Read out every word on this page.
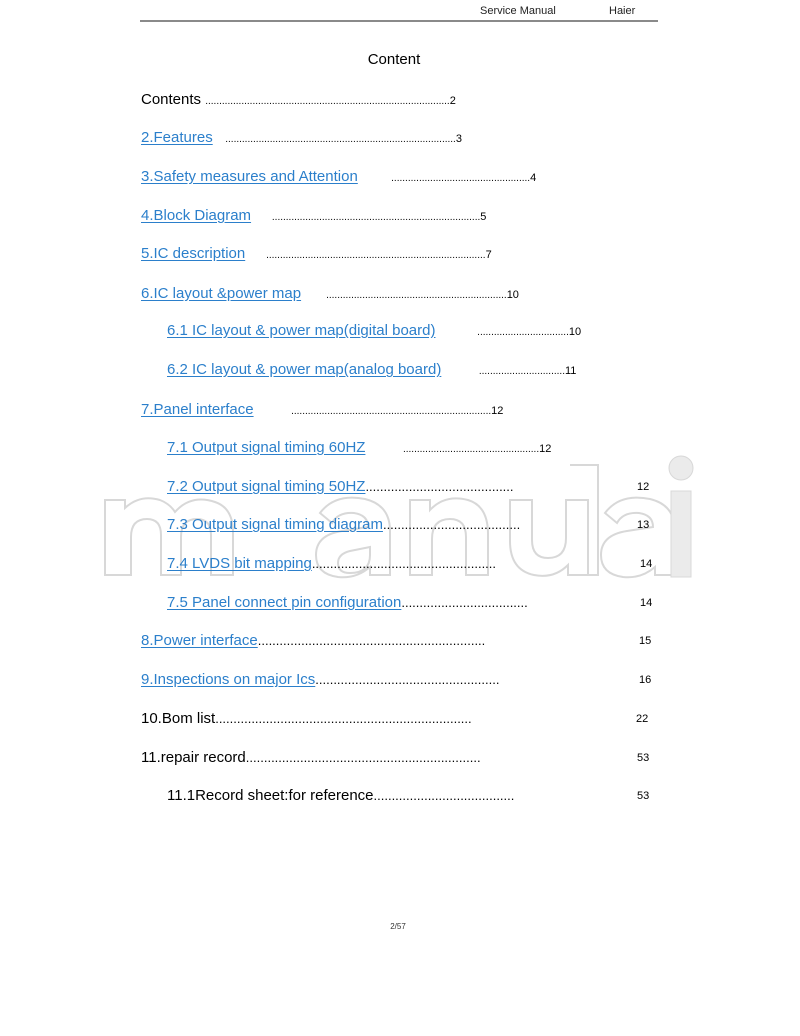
Service Manual	Haier
Content
Contents ........................................................................................2
2.Features ...................................................................................3
3.Safety measures and Attention	..................................................4
4.Block Diagram ...........................................................................5
5.IC description ...............................................................................7
6.IC layout &power map	.................................................................10
6.1 IC layout & power map(digital board)	.................................10
6.2 IC layout & power map(analog board)	...............................11
7.Panel interface	........................................................................12
7.1 Output signal timing 60HZ	.................................................12
7.2 Output signal timing 50HZ.........................................	12
7.3 Output signal timing diagram......................................	13
7.4 LVDS bit mapping...................................................	14
7.5 Panel connect pin configuration...................................	14
8.Power interface...............................................................	15
9.Inspections on major Ics...................................................	16
10.Bom list.......................................................................	22
11.repair record.................................................................	53
11.1Record sheet:for reference.......................................	53
2/57
